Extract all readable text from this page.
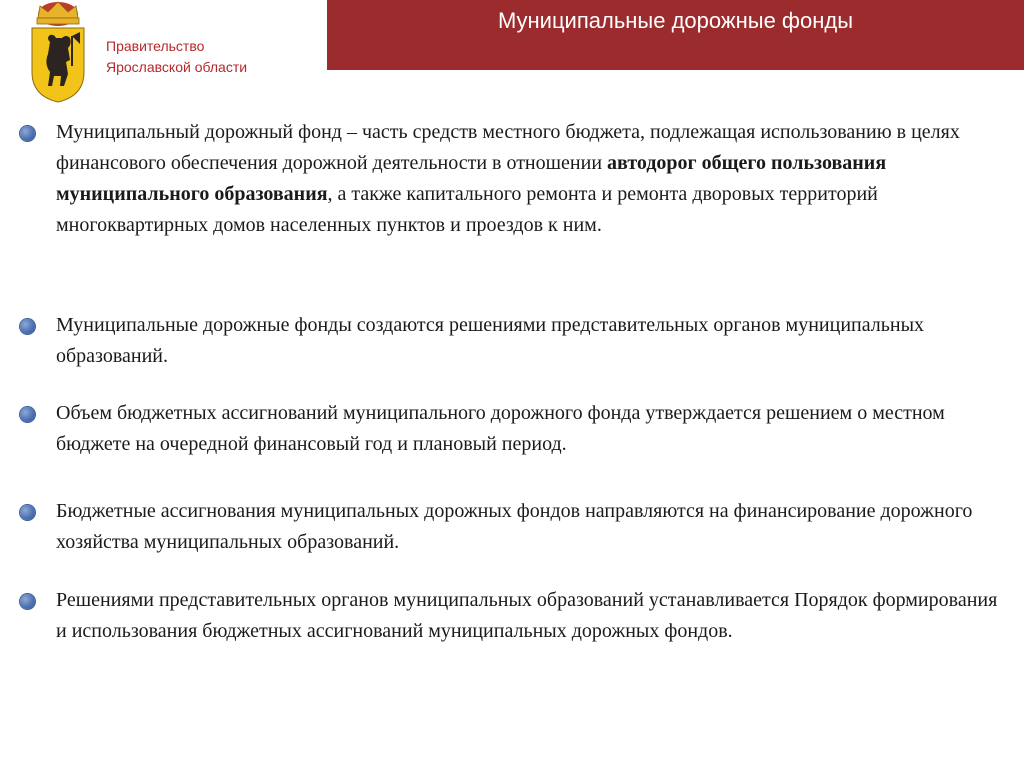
Правительство
Ярославской области
Муниципальные дорожные фонды

Муниципальный дорожный фонд – часть средств местного бюджета, подлежащая использованию в целях финансового обеспечения дорожной деятельности в отношении автодорог общего пользования муниципального образования, а также капитального ремонта и ремонта дворовых территорий многоквартирных домов населенных пунктов и проездов к ним.

Муниципальные дорожные фонды создаются решениями представительных органов муниципальных образований.

Объем бюджетных ассигнований муниципального дорожного фонда утверждается решением о местном бюджете на очередной финансовый год и плановый период.

Бюджетные ассигнования муниципальных дорожных фондов направляются на финансирование дорожного хозяйства муниципальных образований.

Решениями представительных органов муниципальных образований устанавливается Порядок формирования и использования бюджетных ассигнований муниципальных дорожных фондов.
